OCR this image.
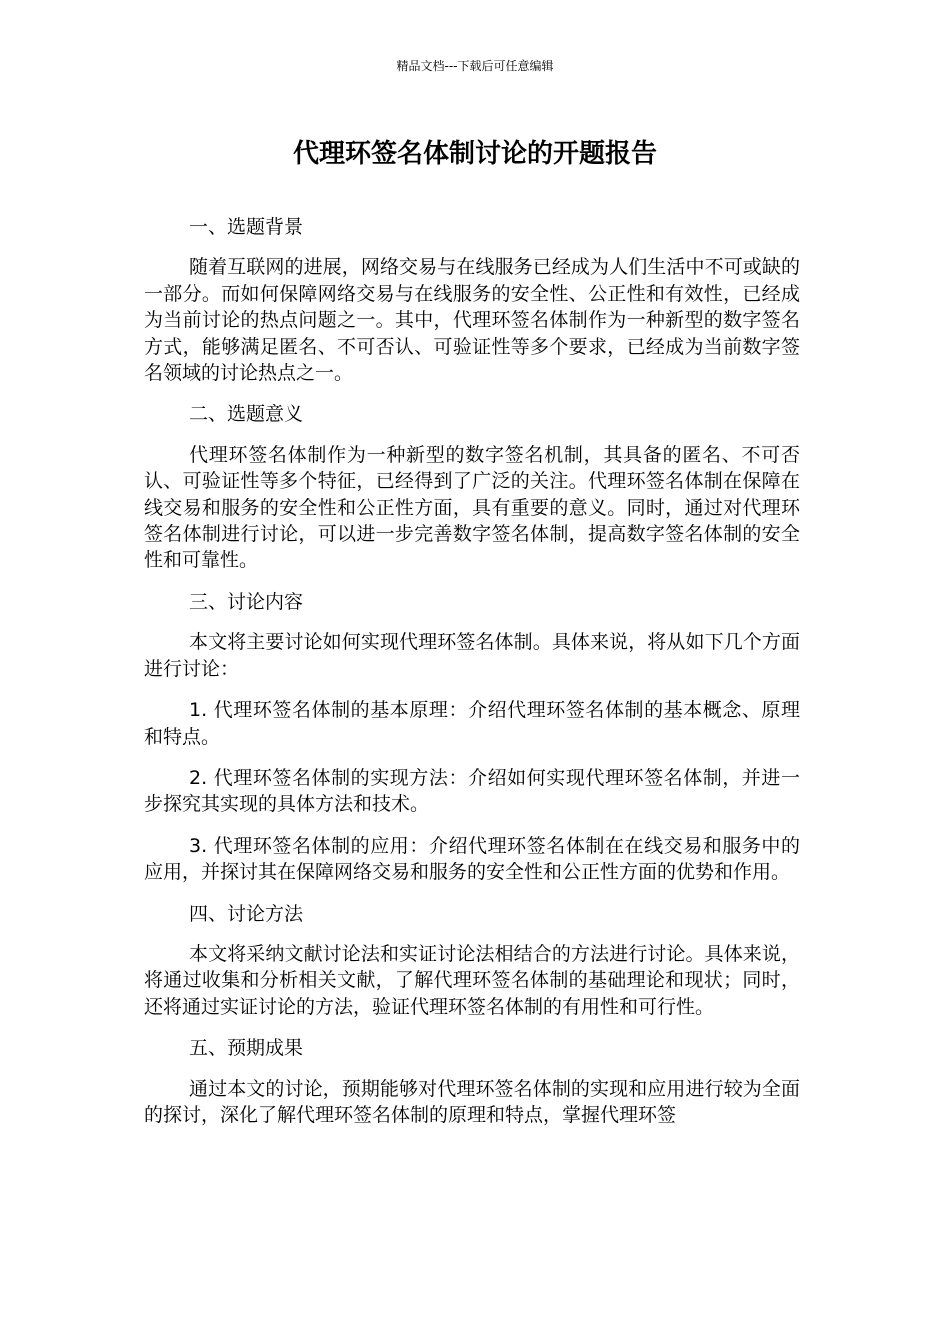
精品文档---下载后可任意编辑
代理环签名体制讨论的开题报告

一、选题背景

随着互联网的进展，网络交易与在线服务已经成为人们生活中不可或缺的一部分。而如何保障网络交易与在线服务的安全性、公正性和有效性，已经成为当前讨论的热点问题之一。其中，代理环签名体制作为一种新型的数字签名方式，能够满足匿名、不可否认、可验证性等多个要求，已经成为当前数字签名领域的讨论热点之一。

二、选题意义

代理环签名体制作为一种新型的数字签名机制，其具备的匿名、不可否认、可验证性等多个特征，已经得到了广泛的关注。代理环签名体制在保障在线交易和服务的安全性和公正性方面，具有重要的意义。同时，通过对代理环签名体制进行讨论，可以进一步完善数字签名体制，提高数字签名体制的安全性和可靠性。

三、讨论内容

本文将主要讨论如何实现代理环签名体制。具体来说，将从如下几个方面进行讨论：

1. 代理环签名体制的基本原理：介绍代理环签名体制的基本概念、原理和特点。

2. 代理环签名体制的实现方法：介绍如何实现代理环签名体制，并进一步探究其实现的具体方法和技术。

3. 代理环签名体制的应用：介绍代理环签名体制在在线交易和服务中的应用，并探讨其在保障网络交易和服务的安全性和公正性方面的优势和作用。

四、讨论方法

本文将采纳文献讨论法和实证讨论法相结合的方法进行讨论。具体来说，将通过收集和分析相关文献，了解代理环签名体制的基础理论和现状；同时，还将通过实证讨论的方法，验证代理环签名体制的有用性和可行性。

五、预期成果

通过本文的讨论，预期能够对代理环签名体制的实现和应用进行较为全面的探讨，深化了解代理环签名体制的原理和特点，掌握代理环签
